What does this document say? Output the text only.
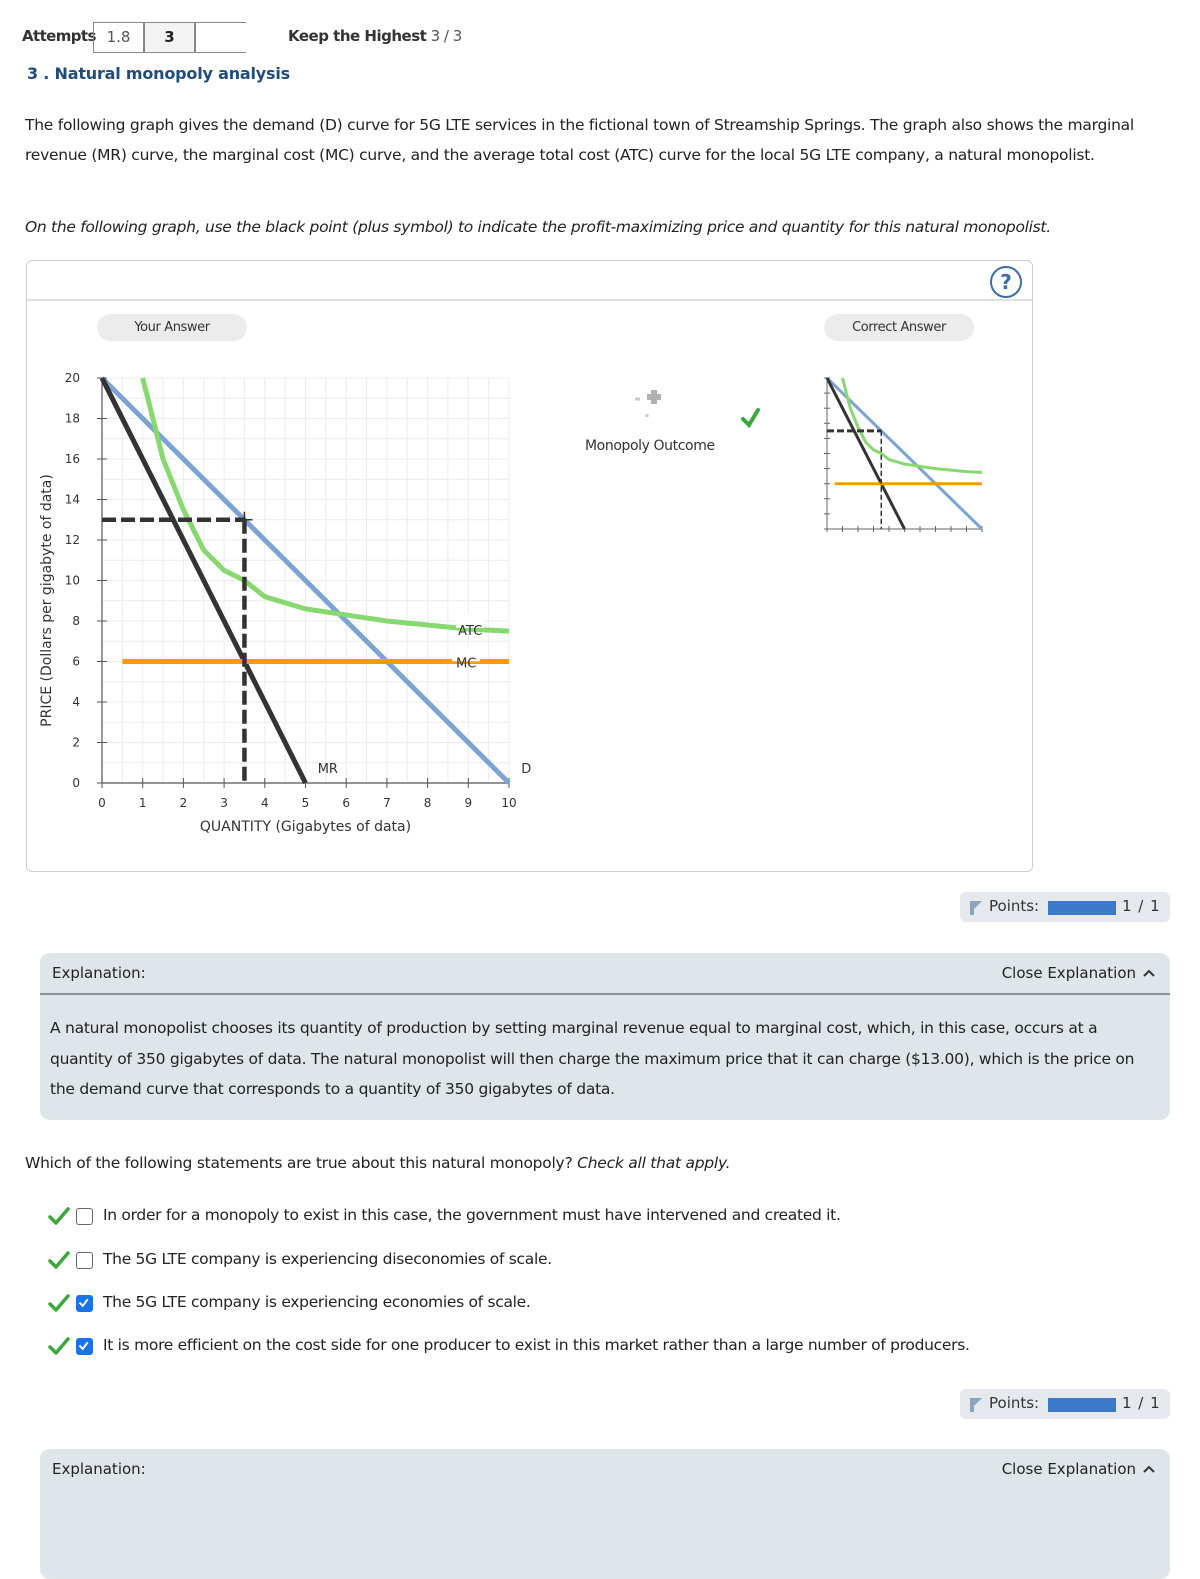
Attempts 1.8	3	Keep the Highest 3 / 3
3 . Natural monopoly analysis
The following graph gives the demand (D) curve for 5G LTE services in the fictional town of Streamship Springs. The graph also shows the marginal revenue (MR) curve, the marginal cost (MC) curve, and the average total cost (ATC) curve for the local 5G LTE company, a natural monopolist.
On the following graph, use the black point (plus symbol) to indicate the profit-maximizing price and quantity for this natural monopolist.
?
Your Answer	Correct Answer
0	1	2	3	4	5	6	7	8	9 10
0
2
4
6
8
10
12
14
16
18
20
ATC
MC
MR	D
QUANTITY (Gigabytes of data)
PRICE (Dollars per gigabyte of data)
Monopoly Outcome
Points:	1 / 1
Explanation:	Close Explanation
A natural monopolist chooses its quantity of production by setting marginal revenue equal to marginal cost, which, in this case, occurs at a quantity of 350 gigabytes of data. The natural monopolist will then charge the maximum price that it can charge ($13.00), which is the price on the demand curve that corresponds to a quantity of 350 gigabytes of data.
Which of the following statements are true about this natural monopoly? Check all that apply.
In order for a monopoly to exist in this case, the government must have intervened and created it.
The 5G LTE company is experiencing diseconomies of scale.
The 5G LTE company is experiencing economies of scale.
It is more efficient on the cost side for one producer to exist in this market rather than a large number of producers.
Points:	1 / 1
Explanation:	Close Explanation
